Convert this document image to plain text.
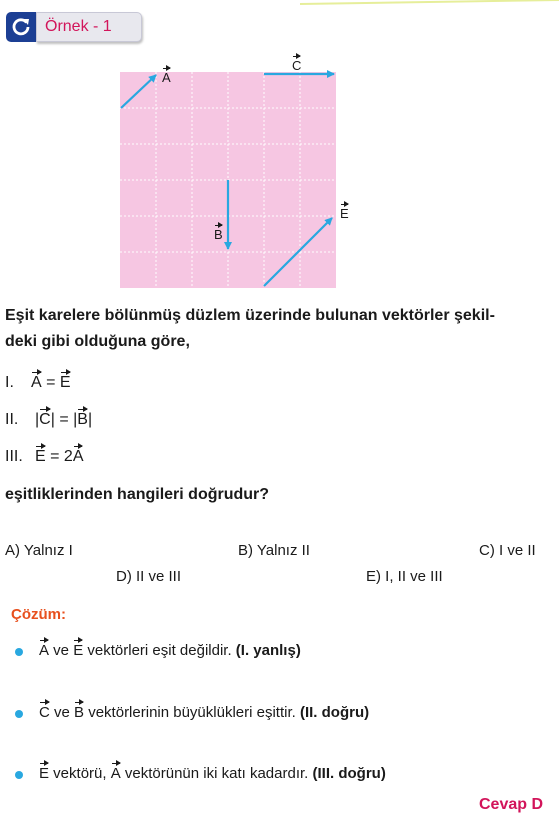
Örnek - 1
A
C
B
E
Eşit karelere bölünmüş düzlem üzerinde bulunan vektörler şekil-
deki gibi olduğuna göre,
I. A = E
II. |C| = |B|
III. E = 2A
eşitliklerinden hangileri doğrudur?
A) Yalnız I	B) Yalnız II	C) I ve II
D) II ve III	E) I, II ve III
Çözüm:
A ve E vektörleri eşit değildir. (I. yanlış)
C ve B vektörlerinin büyüklükleri eşittir. (II. doğru)
E vektörü, A vektörünün iki katı kadardır. (III. doğru)
Cevap D
